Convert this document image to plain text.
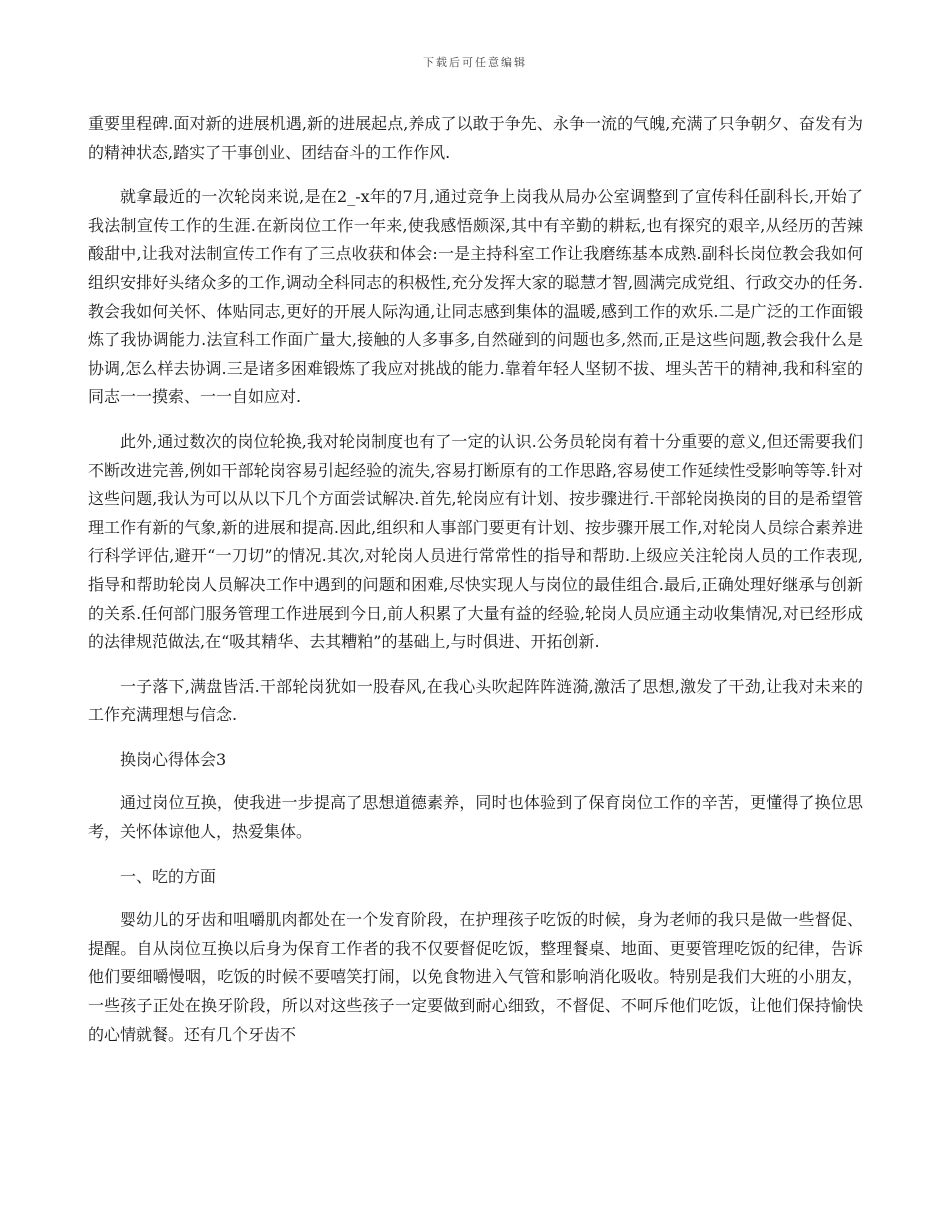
下载后可任意编辑

重要里程碑.面对新的进展机遇,新的进展起点,养成了以敢于争先、永争一流的气魄,充满了只争朝夕、奋发有为的精神状态,踏实了干事创业、团结奋斗的工作作风.

就拿最近的一次轮岗来说,是在2_-x年的7月,通过竞争上岗我从局办公室调整到了宣传科任副科长,开始了我法制宣传工作的生涯.在新岗位工作一年来,使我感悟颇深,其中有辛勤的耕耘,也有探究的艰辛,从经历的苦辣酸甜中,让我对法制宣传工作有了三点收获和体会:一是主持科室工作让我磨练基本成熟.副科长岗位教会我如何组织安排好头绪众多的工作,调动全科同志的积极性,充分发挥大家的聪慧才智,圆满完成党组、行政交办的任务.教会我如何关怀、体贴同志,更好的开展人际沟通,让同志感到集体的温暖,感到工作的欢乐.二是广泛的工作面锻炼了我协调能力.法宣科工作面广量大,接触的人多事多,自然碰到的问题也多,然而,正是这些问题,教会我什么是协调,怎么样去协调.三是诸多困难锻炼了我应对挑战的能力.靠着年轻人坚韧不拔、埋头苦干的精神,我和科室的同志一一摸索、一一自如应对.

此外,通过数次的岗位轮换,我对轮岗制度也有了一定的认识.公务员轮岗有着十分重要的意义,但还需要我们不断改进完善,例如干部轮岗容易引起经验的流失,容易打断原有的工作思路,容易使工作延续性受影响等等.针对这些问题,我认为可以从以下几个方面尝试解决.首先,轮岗应有计划、按步骤进行.干部轮岗换岗的目的是希望管理工作有新的气象,新的进展和提高.因此,组织和人事部门要更有计划、按步骤开展工作,对轮岗人员综合素养进行科学评估,避开“一刀切”的情况.其次,对轮岗人员进行常常性的指导和帮助.上级应关注轮岗人员的工作表现,指导和帮助轮岗人员解决工作中遇到的问题和困难,尽快实现人与岗位的最佳组合.最后,正确处理好继承与创新的关系.任何部门服务管理工作进展到今日,前人积累了大量有益的经验,轮岗人员应通主动收集情况,对已经形成的法律规范做法,在“吸其精华、去其糟粕”的基础上,与时俱进、开拓创新.

一子落下,满盘皆活.干部轮岗犹如一股春风,在我心头吹起阵阵涟漪,激活了思想,激发了干劲,让我对未来的工作充满理想与信念.

换岗心得体会3

通过岗位互换，使我进一步提高了思想道德素养，同时也体验到了保育岗位工作的辛苦，更懂得了换位思考，关怀体谅他人，热爱集体。

一、吃的方面

婴幼儿的牙齿和咀嚼肌肉都处在一个发育阶段，在护理孩子吃饭的时候，身为老师的我只是做一些督促、提醒。自从岗位互换以后身为保育工作者的我不仅要督促吃饭，整理餐桌、地面、更要管理吃饭的纪律，告诉他们要细嚼慢咽，吃饭的时候不要嘻笑打闹，以免食物进入气管和影响消化吸收。特别是我们大班的小朋友，一些孩子正处在换牙阶段，所以对这些孩子一定要做到耐心细致，不督促、不呵斥他们吃饭，让他们保持愉快的心情就餐。还有几个牙齿不
